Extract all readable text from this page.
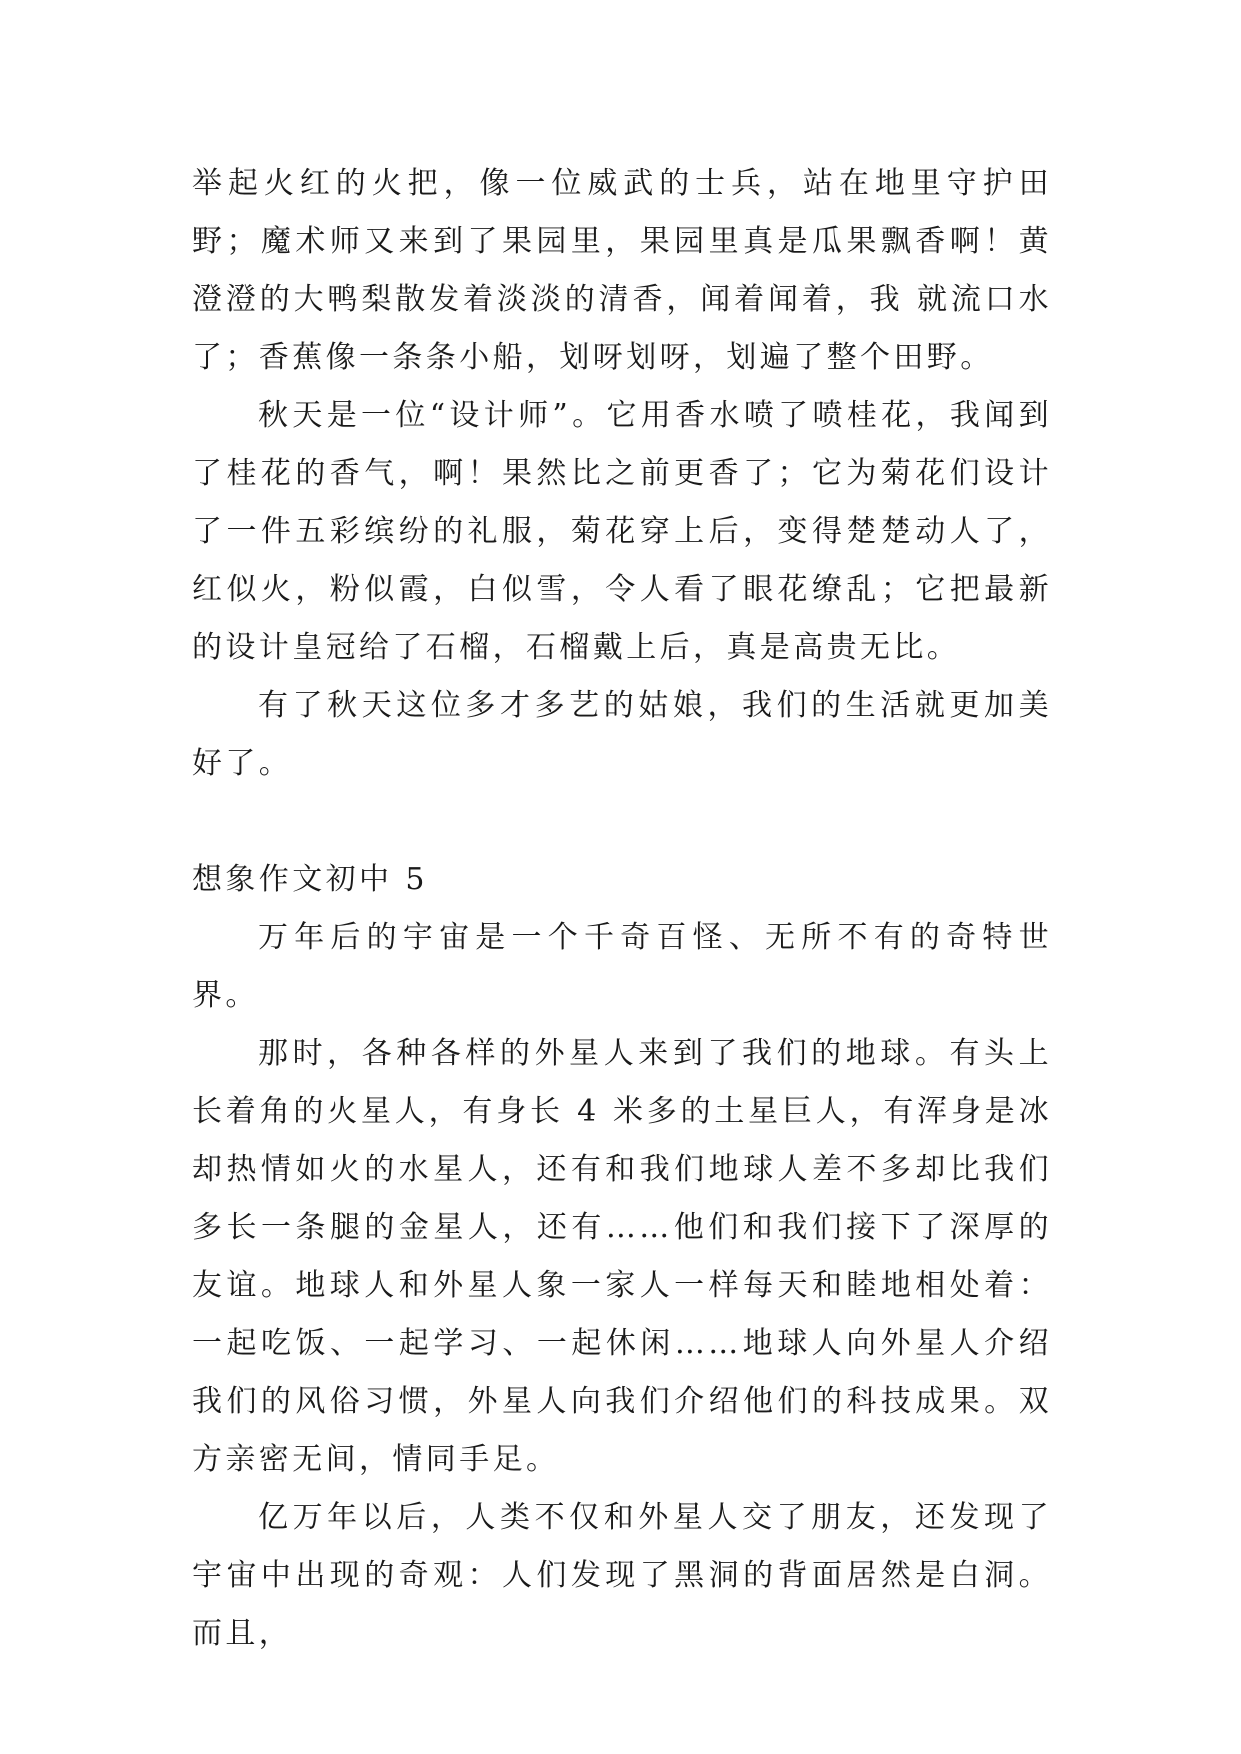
举起火红的火把，像一位威武的士兵，站在地里守护田野；魔术师又来到了果园里，果园里真是瓜果飘香啊！黄澄澄的大鸭梨散发着淡淡的清香，闻着闻着，我 就流口水了；香蕉像一条条小船，划呀划呀，划遍了整个田野。

秋天是一位“设计师”。它用香水喷了喷桂花，我闻到了桂花的香气，啊！果然比之前更香了；它为菊花们设计了一件五彩缤纷的礼服，菊花穿上后，变得楚楚动人了，红似火，粉似霞，白似雪，令人看了眼花缭乱；它把最新的设计皇冠给了石榴，石榴戴上后，真是高贵无比。

有了秋天这位多才多艺的姑娘，我们的生活就更加美好了。

想象作文初中 5

万年后的宇宙是一个千奇百怪、无所不有的奇特世界。

那时，各种各样的外星人来到了我们的地球。有头上长着角的火星人，有身长 4 米多的土星巨人，有浑身是冰却热情如火的水星人，还有和我们地球人差不多却比我们多长一条腿的金星人，还有……他们和我们接下了深厚的友谊。地球人和外星人象一家人一样每天和睦地相处着：一起吃饭、一起学习、一起休闲……地球人向外星人介绍我们的风俗习惯，外星人向我们介绍他们的科技成果。双方亲密无间，情同手足。

亿万年以后，人类不仅和外星人交了朋友，还发现了宇宙中出现的奇观：人们发现了黑洞的背面居然是白洞。而且，
